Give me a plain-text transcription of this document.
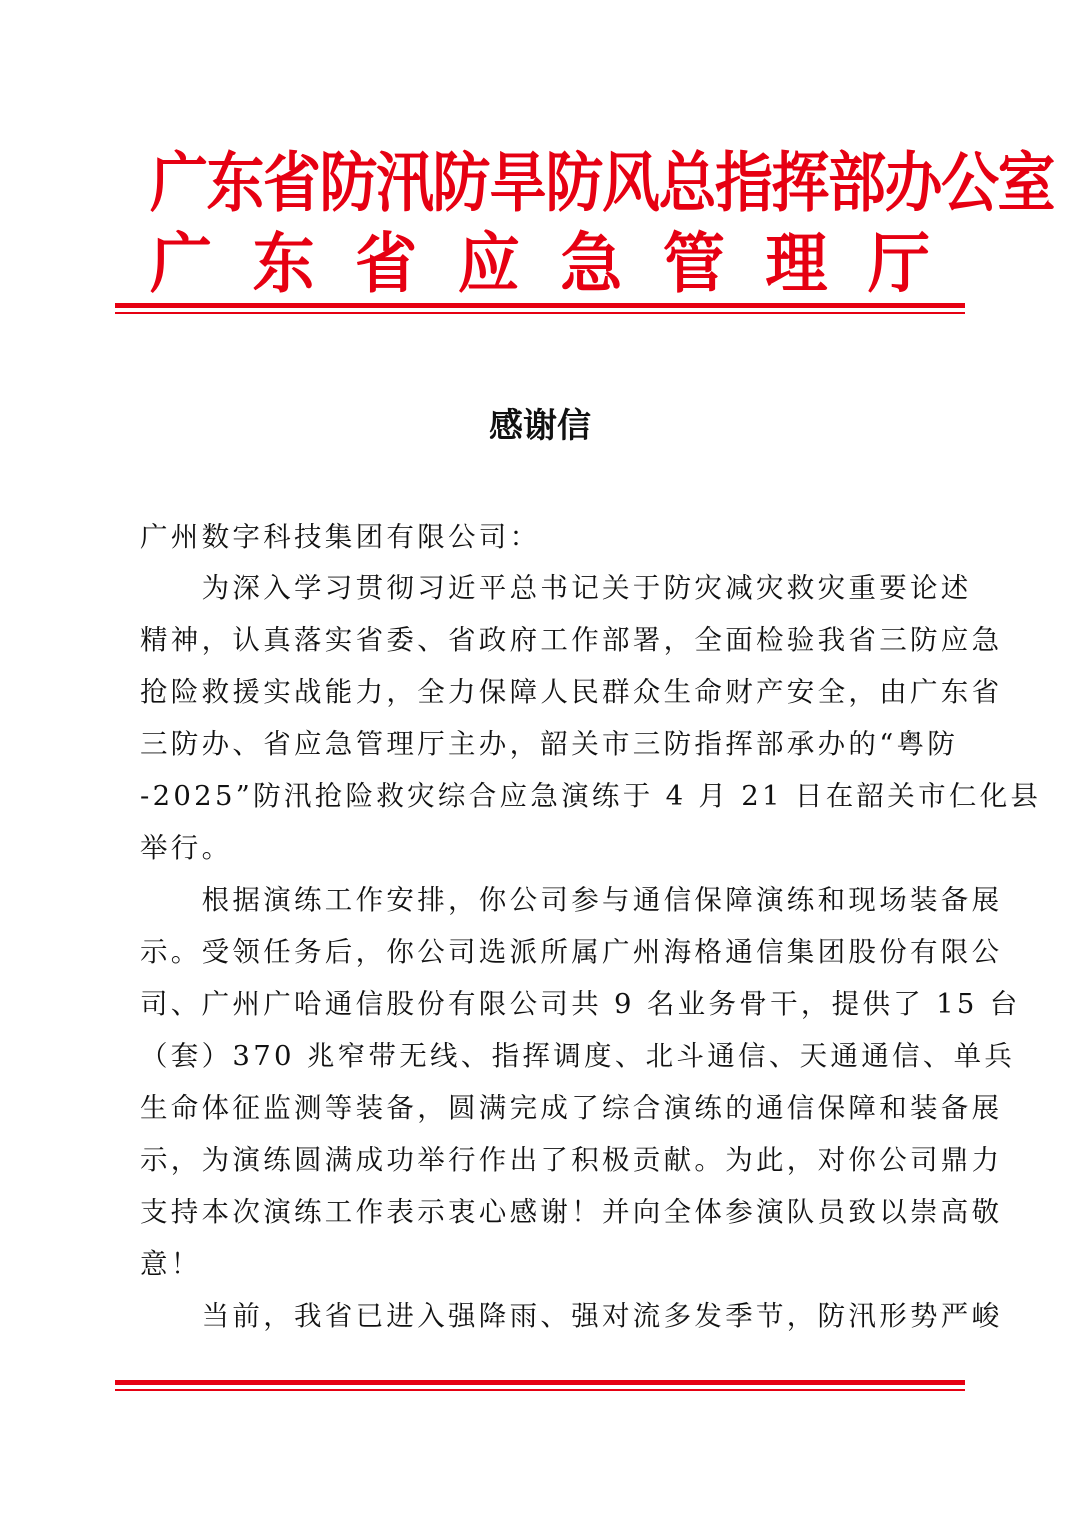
广东省防汛防旱防风总指挥部办公室
广 东 省 应 急 管 理 厅
感谢信
广州数字科技集团有限公司：
　　为深入学习贯彻习近平总书记关于防灾减灾救灾重要论述
精神，认真落实省委、省政府工作部署，全面检验我省三防应急
抢险救援实战能力，全力保障人民群众生命财产安全，由广东省
三防办、省应急管理厅主办，韶关市三防指挥部承办的“粤防
-2025”防汛抢险救灾综合应急演练于 4 月 21 日在韶关市仁化县
举行。
　　根据演练工作安排，你公司参与通信保障演练和现场装备展
示。受领任务后，你公司选派所属广州海格通信集团股份有限公
司、广州广哈通信股份有限公司共 9 名业务骨干，提供了 15 台
（套）370 兆窄带无线、指挥调度、北斗通信、天通通信、单兵
生命体征监测等装备，圆满完成了综合演练的通信保障和装备展
示，为演练圆满成功举行作出了积极贡献。为此，对你公司鼎力
支持本次演练工作表示衷心感谢！并向全体参演队员致以崇高敬
意！
　　当前，我省已进入强降雨、强对流多发季节，防汛形势严峻
